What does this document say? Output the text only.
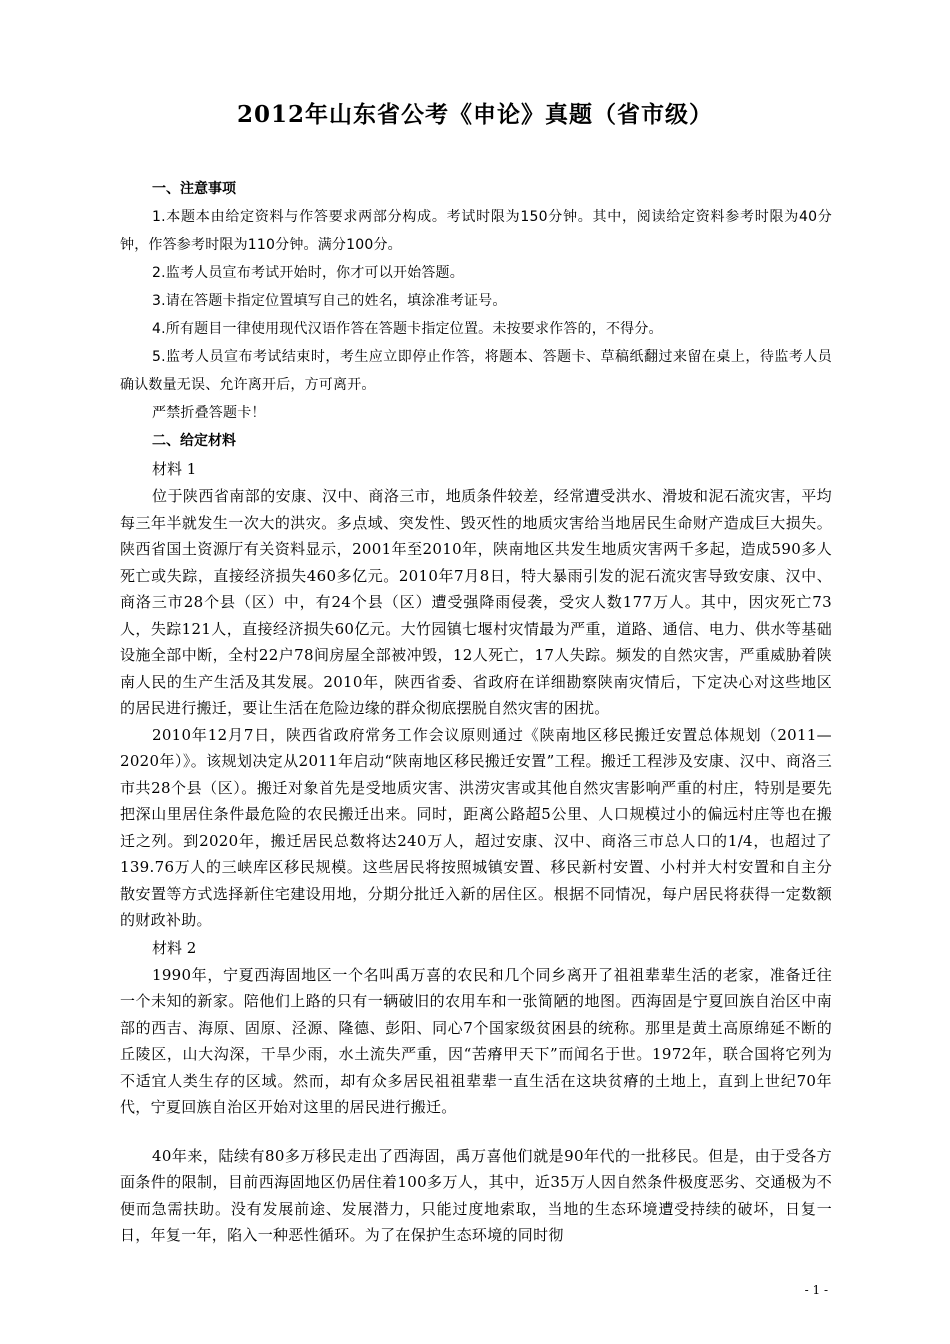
2012年山东省公考《申论》真题（省市级）

一、注意事项

1.本题本由给定资料与作答要求两部分构成。考试时限为150分钟。其中，阅读给定资料参考时限为40分钟，作答参考时限为110分钟。满分100分。

2.监考人员宣布考试开始时，你才可以开始答题。

3.请在答题卡指定位置填写自己的姓名，填涂准考证号。

4.所有题目一律使用现代汉语作答在答题卡指定位置。未按要求作答的，不得分。

5.监考人员宣布考试结束时，考生应立即停止作答，将题本、答题卡、草稿纸翻过来留在桌上，待监考人员确认数量无误、允许离开后，方可离开。

严禁折叠答题卡！

二、给定材料

材料 1

位于陕西省南部的安康、汉中、商洛三市，地质条件较差，经常遭受洪水、滑坡和泥石流灾害，平均每三年半就发生一次大的洪灾。多点域、突发性、毁灭性的地质灾害给当地居民生命财产造成巨大损失。陕西省国土资源厅有关资料显示，2001年至2010年，陕南地区共发生地质灾害两千多起，造成590多人死亡或失踪，直接经济损失460多亿元。2010年7月8日，特大暴雨引发的泥石流灾害导致安康、汉中、商洛三市28个县（区）中，有24个县（区）遭受强降雨侵袭，受灾人数177万人。其中，因灾死亡73人，失踪121人，直接经济损失60亿元。大竹园镇七堰村灾情最为严重，道路、通信、电力、供水等基础设施全部中断，全村22户78间房屋全部被冲毁，12人死亡，17人失踪。频发的自然灾害，严重威胁着陕南人民的生产生活及其发展。2010年，陕西省委、省政府在详细勘察陕南灾情后，下定决心对这些地区的居民进行搬迁，要让生活在危险边缘的群众彻底摆脱自然灾害的困扰。

2010年12月7日，陕西省政府常务工作会议原则通过《陕南地区移民搬迁安置总体规划（2011—2020年）》。该规划决定从2011年启动“陕南地区移民搬迁安置”工程。搬迁工程涉及安康、汉中、商洛三市共28个县（区）。搬迁对象首先是受地质灾害、洪涝灾害或其他自然灾害影响严重的村庄，特别是要先把深山里居住条件最危险的农民搬迁出来。同时，距离公路超5公里、人口规模过小的偏远村庄等也在搬迁之列。到2020年，搬迁居民总数将达240万人，超过安康、汉中、商洛三市总人口的1/4，也超过了139.76万人的三峡库区移民规模。这些居民将按照城镇安置、移民新村安置、小村并大村安置和自主分散安置等方式选择新住宅建设用地，分期分批迁入新的居住区。根据不同情况，每户居民将获得一定数额的财政补助。

材料 2

1990年，宁夏西海固地区一个名叫禹万喜的农民和几个同乡离开了祖祖辈辈生活的老家，准备迁往一个未知的新家。陪他们上路的只有一辆破旧的农用车和一张简陋的地图。西海固是宁夏回族自治区中南部的西吉、海原、固原、泾源、隆德、彭阳、同心7个国家级贫困县的统称。那里是黄土高原绵延不断的丘陵区，山大沟深，干旱少雨，水土流失严重，因“苦瘠甲天下”而闻名于世。1972年，联合国将它列为不适宜人类生存的区域。然而，却有众多居民祖祖辈辈一直生活在这块贫瘠的土地上，直到上世纪70年代，宁夏回族自治区开始对这里的居民进行搬迁。

40年来，陆续有80多万移民走出了西海固，禹万喜他们就是90年代的一批移民。但是，由于受各方面条件的限制，目前西海固地区仍居住着100多万人，其中，近35万人因自然条件极度恶劣、交通极为不便而急需扶助。没有发展前途、发展潜力，只能过度地索取，当地的生态环境遭受持续的破坏，日复一日，年复一年，陷入一种恶性循环。为了在保护生态环境的同时彻

- 1 -
